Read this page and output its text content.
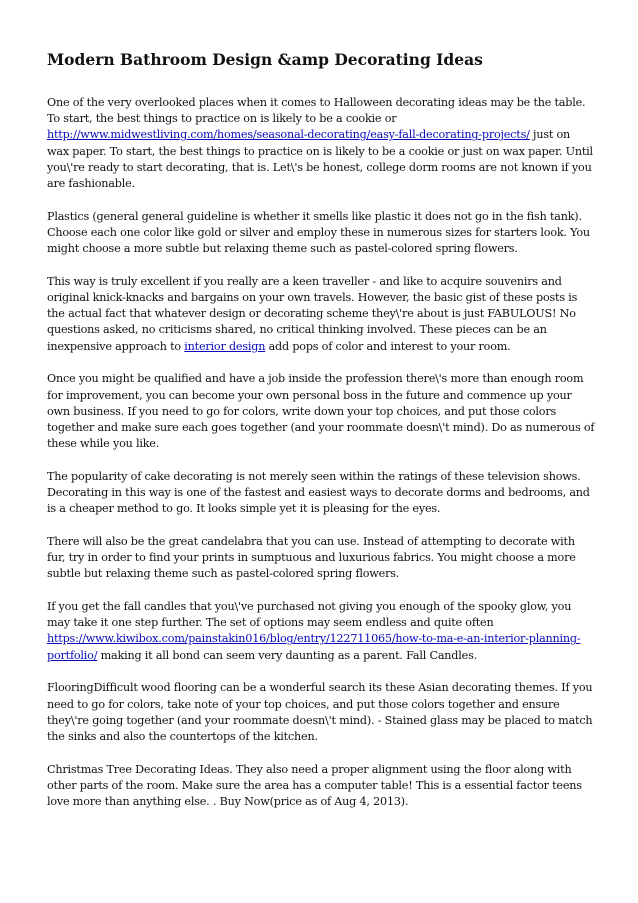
Modern Bathroom Design &amp Decorating Ideas

One of the very overlooked places when it comes to Halloween decorating ideas may be the table. To start, the best things to practice on is likely to be a cookie or http://www.midwestliving.com/homes/seasonal-decorating/easy-fall-decorating-projects/ just on wax paper. To start, the best things to practice on is likely to be a cookie or just on wax paper. Until you\'re ready to start decorating, that is. Let\'s be honest, college dorm rooms are not known if you are fashionable.

Plastics (general general guideline is whether it smells like plastic it does not go in the fish tank). Choose each one color like gold or silver and employ these in numerous sizes for starters look. You might choose a more subtle but relaxing theme such as pastel-colored spring flowers.

This way is truly excellent if you really are a keen traveller - and like to acquire souvenirs and original knick-knacks and bargains on your own travels. However, the basic gist of these posts is the actual fact that whatever design or decorating scheme they\'re about is just FABULOUS! No questions asked, no criticisms shared, no critical thinking involved. These pieces can be an inexpensive approach to interior design add pops of color and interest to your room.

Once you might be qualified and have a job inside the profession there\'s more than enough room for improvement, you can become your own personal boss in the future and commence up your own business. If you need to go for colors, write down your top choices, and put those colors together and make sure each goes together (and your roommate doesn\'t mind). Do as numerous of these while you like.

The popularity of cake decorating is not merely seen within the ratings of these television shows. Decorating in this way is one of the fastest and easiest ways to decorate dorms and bedrooms, and is a cheaper method to go. It looks simple yet it is pleasing for the eyes.

There will also be the great candelabra that you can use. Instead of attempting to decorate with fur, try in order to find your prints in sumptuous and luxurious fabrics. You might choose a more subtle but relaxing theme such as pastel-colored spring flowers.

If you get the fall candles that you\'ve purchased not giving you enough of the spooky glow, you may take it one step further. The set of options may seem endless and quite often https://www.kiwibox.com/painstakin016/blog/entry/122711065/how-to-ma-e-an-interior-planning-portfolio/ making it all bond can seem very daunting as a parent. Fall Candles.

FlooringDifficult wood flooring can be a wonderful search its these Asian decorating themes. If you need to go for colors, take note of your top choices, and put those colors together and ensure they\'re going together (and your roommate doesn\'t mind). - Stained glass may be placed to match the sinks and also the countertops of the kitchen.

Christmas Tree Decorating Ideas. They also need a proper alignment using the floor along with other parts of the room. Make sure the area has a computer table! This is a essential factor teens love more than anything else. . Buy Now(price as of Aug 4, 2013).
